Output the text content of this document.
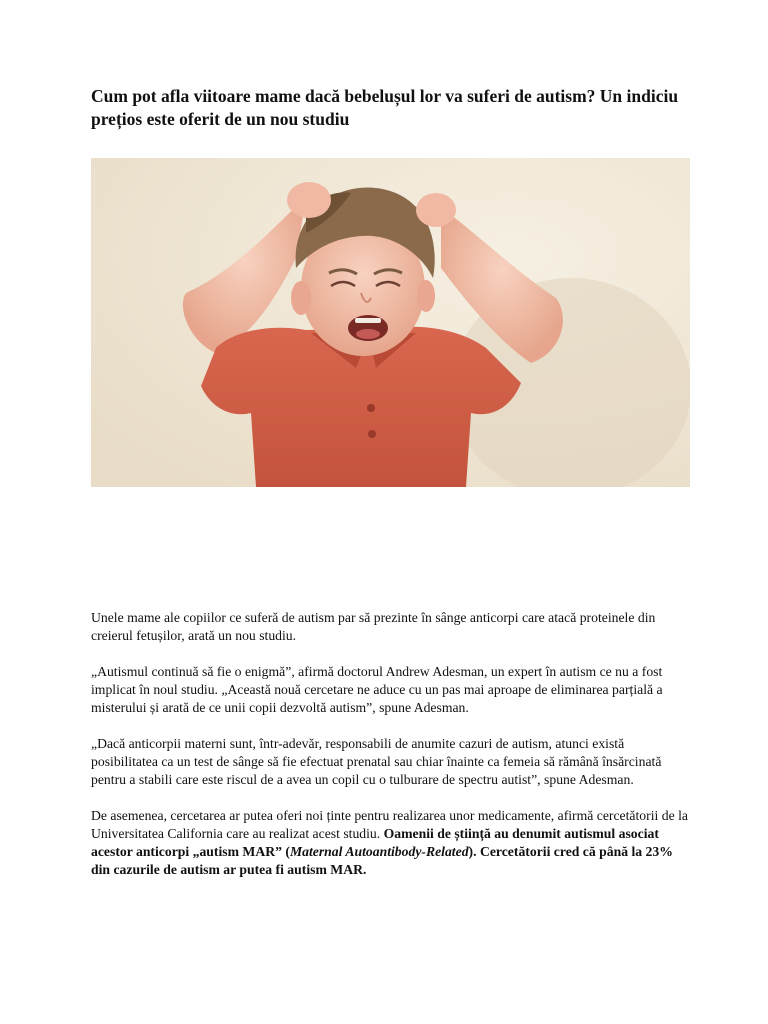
Cum pot afla viitoare mame dacă bebelușul lor va suferi de autism? Un indiciu prețios este oferit de un nou studiu

Unele mame ale copiilor ce suferă de autism par să prezinte în sânge anticorpi care atacă proteinele din creierul fetușilor, arată un nou studiu.

„Autismul continuă să fie o enigmă”, afirmă doctorul Andrew Adesman, un expert în autism ce nu a fost implicat în noul studiu. „Această nouă cercetare ne aduce cu un pas mai aproape de eliminarea parțială a misterului și arată de ce unii copii dezvoltă autism”, spune Adesman.

„Dacă anticorpii materni sunt, într-adevăr, responsabili de anumite cazuri de autism, atunci există posibilitatea ca un test de sânge să fie efectuat prenatal sau chiar înainte ca femeia să rămână însărcinată pentru a stabili care este riscul de a avea un copil cu o tulburare de spectru autist”, spune Adesman.

De asemenea, cercetarea ar putea oferi noi ținte pentru realizarea unor medicamente, afirmă cercetătorii de la Universitatea California care au realizat acest studiu. Oamenii de știință au denumit autismul asociat acestor anticorpi „autism MAR” (Maternal Autoantibody-Related). Cercetătorii cred că până la 23% din cazurile de autism ar putea fi autism MAR.
